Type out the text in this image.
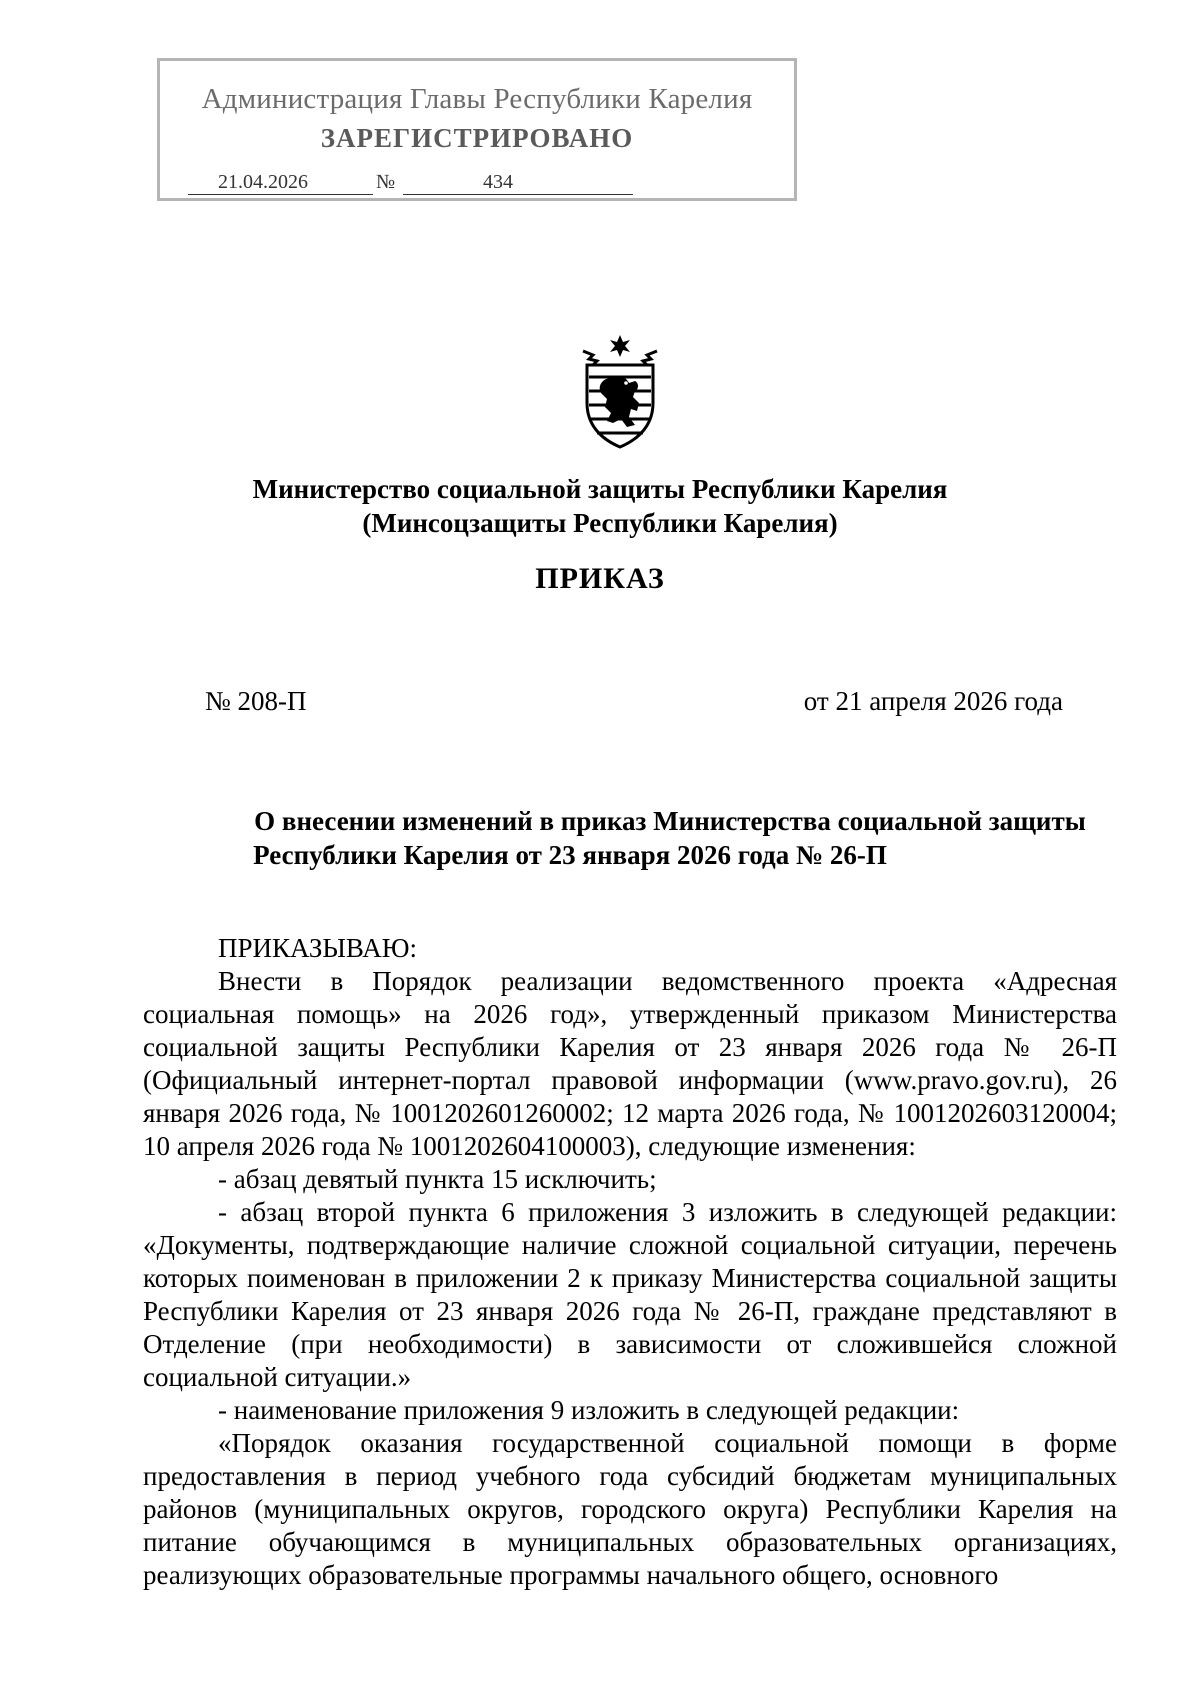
Администрация Главы Республики Карелия
ЗАРЕГИСТРИРОВАНО
21.04.2026	№	434
Министерство социальной защиты Республики Карелия
(Минсоцзащиты Республики Карелия)
ПРИКАЗ
№ 208-П	от 21 апреля 2026 года
О внесении изменений в приказ Министерства социальной защиты
Республики Карелия от 23 января 2026 года № 26-П

ПРИКАЗЫВАЮ:

Внести в Порядок реализации ведомственного проекта «Адресная социальная помощь» на 2026 год», утвержденный приказом Министерства социальной защиты Республики Карелия от 23 января 2026 года № 26-П (Официальный интернет-портал правовой информации (www.pravo.gov.ru), 26 января 2026 года, № 1001202601260002; 12 марта 2026 года, № 1001202603120004; 10 апреля 2026 года № 1001202604100003), следующие изменения:

- абзац девятый пункта 15 исключить;

- абзац второй пункта 6 приложения 3 изложить в следующей редакции: «Документы, подтверждающие наличие сложной социальной ситуации, перечень которых поименован в приложении 2 к приказу Министерства социальной защиты Республики Карелия от 23 января 2026 года № 26-П, граждане представляют в Отделение (при необходимости) в зависимости от сложившейся сложной социальной ситуации.»

- наименование приложения 9 изложить в следующей редакции:

«Порядок оказания государственной социальной помощи в форме предоставления в период учебного года субсидий бюджетам муниципальных районов (муниципальных округов, городского округа) Республики Карелия на питание обучающимся в муниципальных образовательных организациях, реализующих образовательные программы начального общего, основного
